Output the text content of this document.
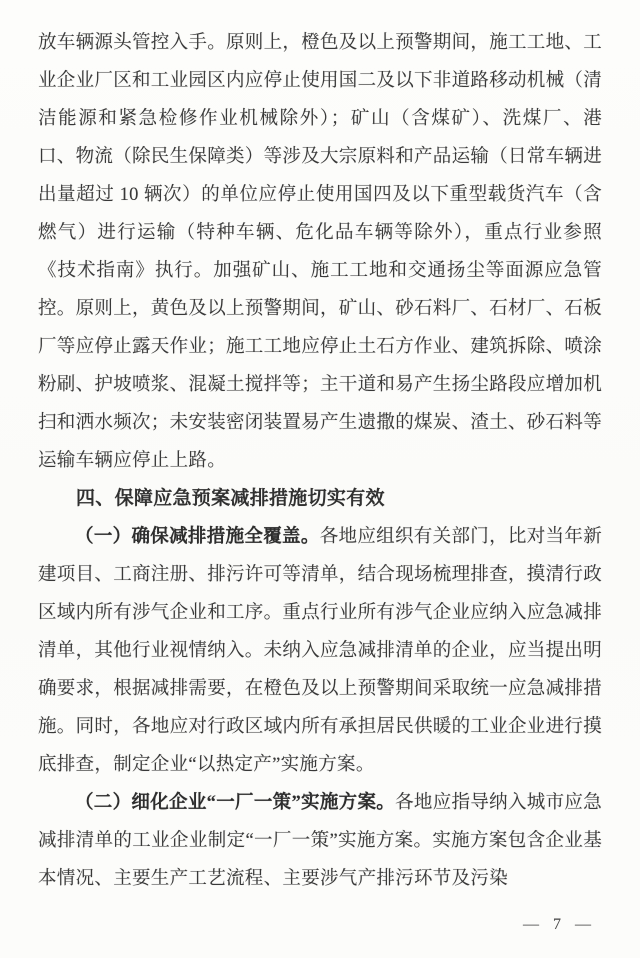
放车辆源头管控入手。原则上，橙色及以上预警期间，施工工地、工业企业厂区和工业园区内应停止使用国二及以下非道路移动机械（清洁能源和紧急检修作业机械除外）；矿山（含煤矿）、洗煤厂、港口、物流（除民生保障类）等涉及大宗原料和产品运输（日常车辆进出量超过 10 辆次）的单位应停止使用国四及以下重型载货汽车（含燃气）进行运输（特种车辆、危化品车辆等除外），重点行业参照《技术指南》执行。加强矿山、施工工地和交通扬尘等面源应急管控。原则上，黄色及以上预警期间，矿山、砂石料厂、石材厂、石板厂等应停止露天作业；施工工地应停止土石方作业、建筑拆除、喷涂粉刷、护坡喷浆、混凝土搅拌等；主干道和易产生扬尘路段应增加机扫和洒水频次；未安装密闭装置易产生遗撒的煤炭、渣土、砂石料等运输车辆应停止上路。

四、保障应急预案减排措施切实有效

（一）确保减排措施全覆盖。各地应组织有关部门，比对当年新建项目、工商注册、排污许可等清单，结合现场梳理排查，摸清行政区域内所有涉气企业和工序。重点行业所有涉气企业应纳入应急减排清单，其他行业视情纳入。未纳入应急减排清单的企业，应当提出明确要求，根据减排需要，在橙色及以上预警期间采取统一应急减排措施。同时，各地应对行政区域内所有承担居民供暖的工业企业进行摸底排查，制定企业“以热定产”实施方案。

（二）细化企业“一厂一策”实施方案。各地应指导纳入城市应急减排清单的工业企业制定“一厂一策”实施方案。实施方案包含企业基本情况、主要生产工艺流程、主要涉气产排污环节及污染

— 7 —
